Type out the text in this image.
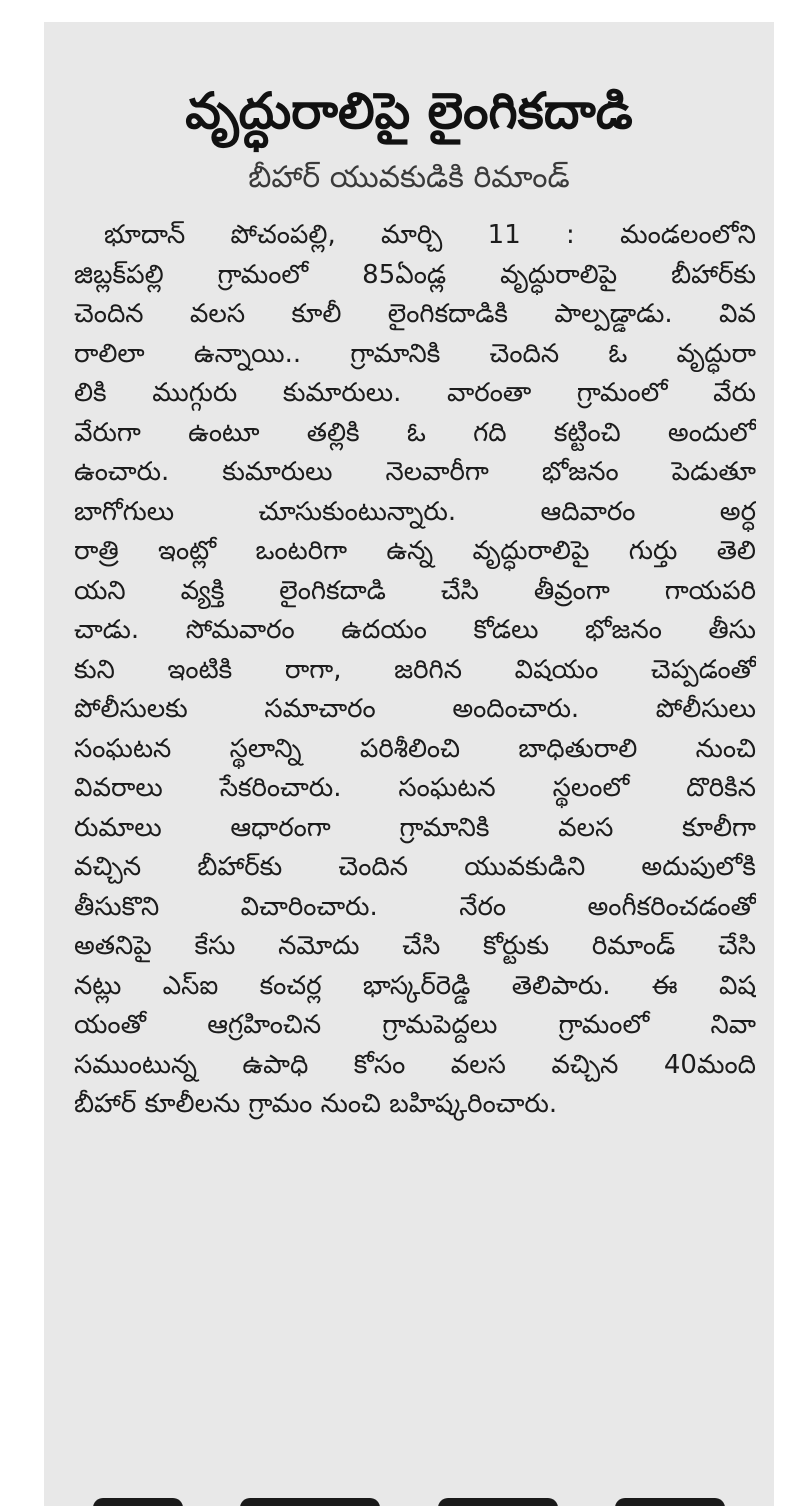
వృద్ధురాలిపై లైంగికదాడి
బీహార్ యువకుడికి రిమాండ్
భూదాన్ పోచంపల్లి, మార్చి 11 : మండలంలోని
జిబ్లక్‌పల్లి గ్రామంలో 85ఏండ్ల వృద్ధురాలిపై బీహార్‌కు
చెందిన వలస కూలీ లైంగికదాడికి పాల్పడ్డాడు. వివ
రాలిలా ఉన్నాయి.. గ్రామానికి చెందిన ఓ వృద్ధురా
లికి ముగ్గురు కుమారులు. వారంతా గ్రామంలో వేరు
వేరుగా ఉంటూ తల్లికి ఓ గది కట్టించి అందులో
ఉంచారు. కుమారులు నెలవారీగా భోజనం పెడుతూ
బాగోగులు చూసుకుంటున్నారు. ఆదివారం అర్ధ
రాత్రి ఇంట్లో ఒంటరిగా ఉన్న వృద్ధురాలిపై గుర్తు తెలి
యని వ్యక్తి లైంగికదాడి చేసి తీవ్రంగా గాయపరి
చాడు. సోమవారం ఉదయం కోడలు భోజనం తీసు
కుని ఇంటికి రాగా, జరిగిన విషయం చెప్పడంతో
పోలీసులకు సమాచారం అందించారు. పోలీసులు
సంఘటన స్థలాన్ని పరిశీలించి బాధితురాలి నుంచి
వివరాలు సేకరించారు. సంఘటన స్థలంలో దొరికిన
రుమాలు ఆధారంగా గ్రామానికి వలస కూలీగా
వచ్చిన బీహార్‌కు చెందిన యువకుడిని అదుపులోకి
తీసుకొని విచారించారు. నేరం అంగీకరించడంతో
అతనిపై కేసు నమోదు చేసి కోర్టుకు రిమాండ్ చేసి
నట్లు ఎస్ఐ కంచర్ల భాస్కర్‌రెడ్డి తెలిపారు. ఈ విష
యంతో ఆగ్రహించిన గ్రామపెద్దలు గ్రామంలో నివా
సముంటున్న ఉపాధి కోసం వలస వచ్చిన 40మంది
బీహార్ కూలీలను గ్రామం నుంచి బహిష్కరించారు.
